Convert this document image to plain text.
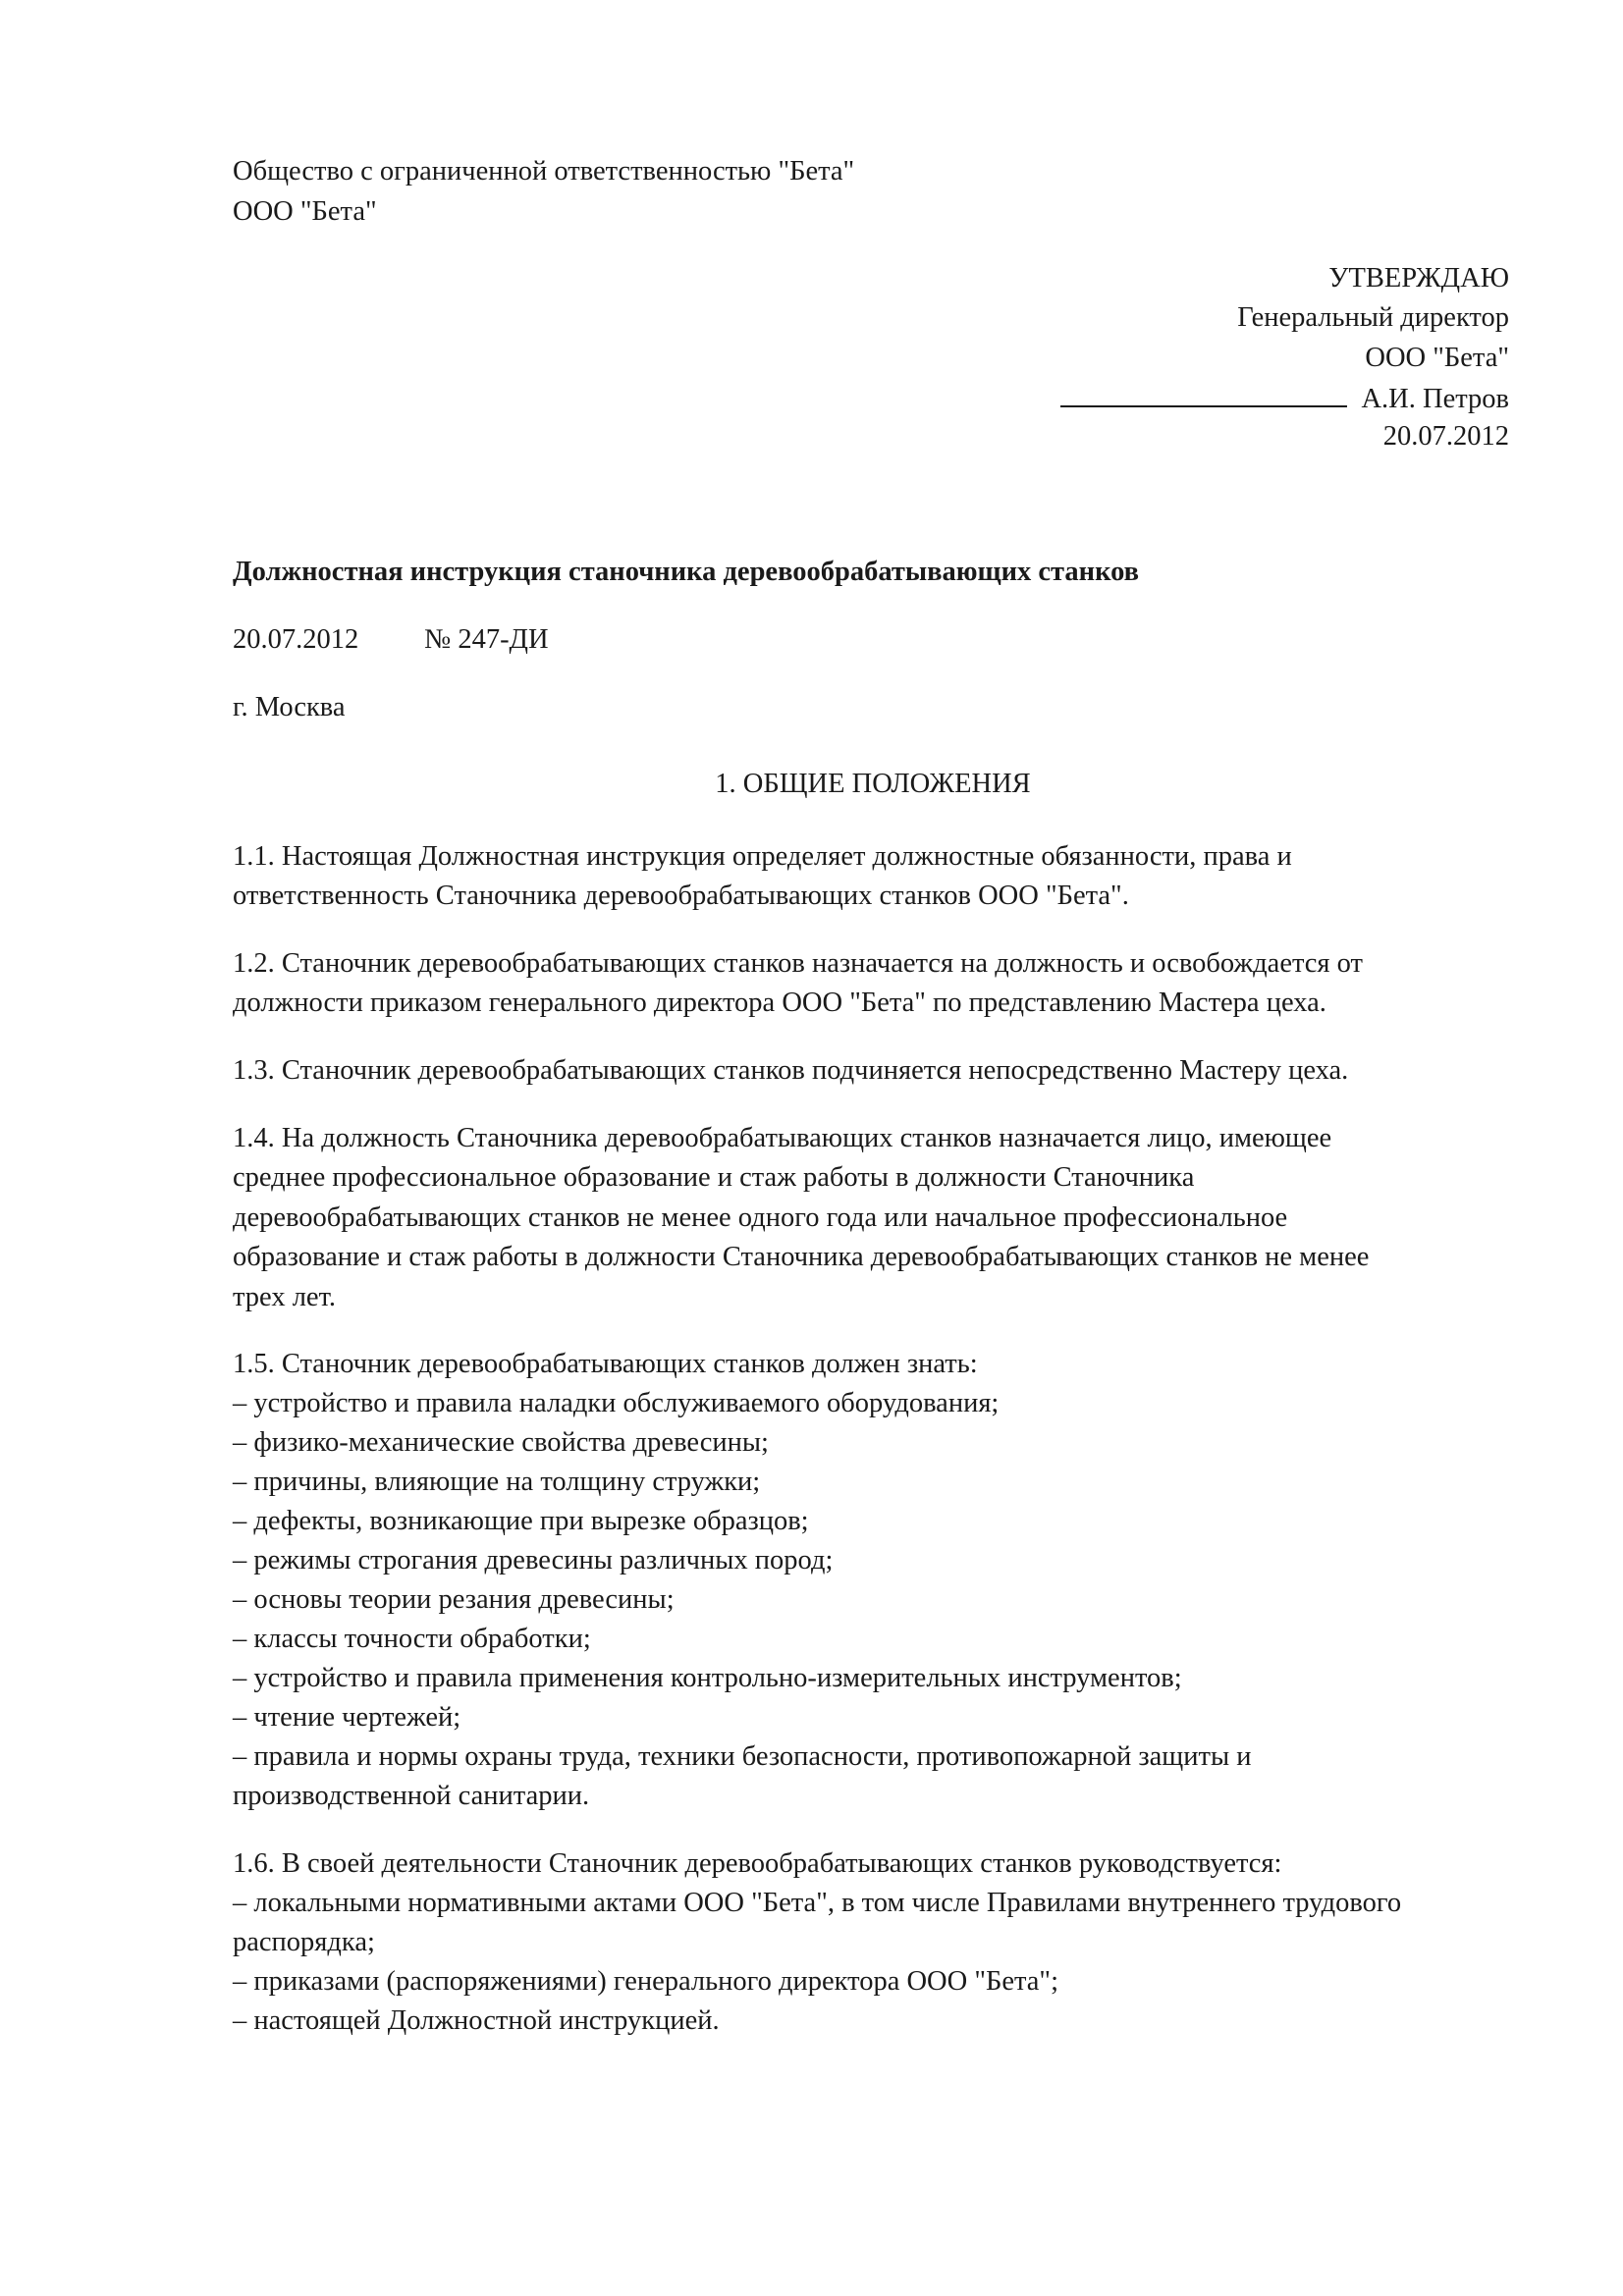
Общество с ограниченной ответственностью "Бета"
ООО "Бета"
УТВЕРЖДАЮ
Генеральный директор
ООО "Бета"
А.И. Петров
20.07.2012
Должностная инструкция станочника деревообрабатывающих станков
20.07.2012 № 247-ДИ
г. Москва
1. ОБЩИЕ ПОЛОЖЕНИЯ
1.1. Настоящая Должностная инструкция определяет должностные обязанности, права и
ответственность Станочника деревообрабатывающих станков ООО "Бета".
1.2. Станочник деревообрабатывающих станков назначается на должность и освобождается от
должности приказом генерального директора ООО "Бета" по представлению Мастера цеха.
1.3. Станочник деревообрабатывающих станков подчиняется непосредственно Мастеру цеха.
1.4. На должность Станочника деревообрабатывающих станков назначается лицо, имеющее
среднее профессиональное образование и стаж работы в должности Станочника
деревообрабатывающих станков не менее одного года или начальное профессиональное
образование и стаж работы в должности Станочника деревообрабатывающих станков не менее
трех лет.
1.5. Станочник деревообрабатывающих станков должен знать:
– устройство и правила наладки обслуживаемого оборудования;
– физико-механические свойства древесины;
– причины, влияющие на толщину стружки;
– дефекты, возникающие при вырезке образцов;
– режимы строгания древесины различных пород;
– основы теории резания древесины;
– классы точности обработки;
– устройство и правила применения контрольно-измерительных инструментов;
– чтение чертежей;
– правила и нормы охраны труда, техники безопасности, противопожарной защиты и
производственной санитарии.
1.6. В своей деятельности Станочник деревообрабатывающих станков руководствуется:
– локальными нормативными актами ООО "Бета", в том числе Правилами внутреннего трудового
распорядка;
– приказами (распоряжениями) генерального директора ООО "Бета";
– настоящей Должностной инструкцией.
